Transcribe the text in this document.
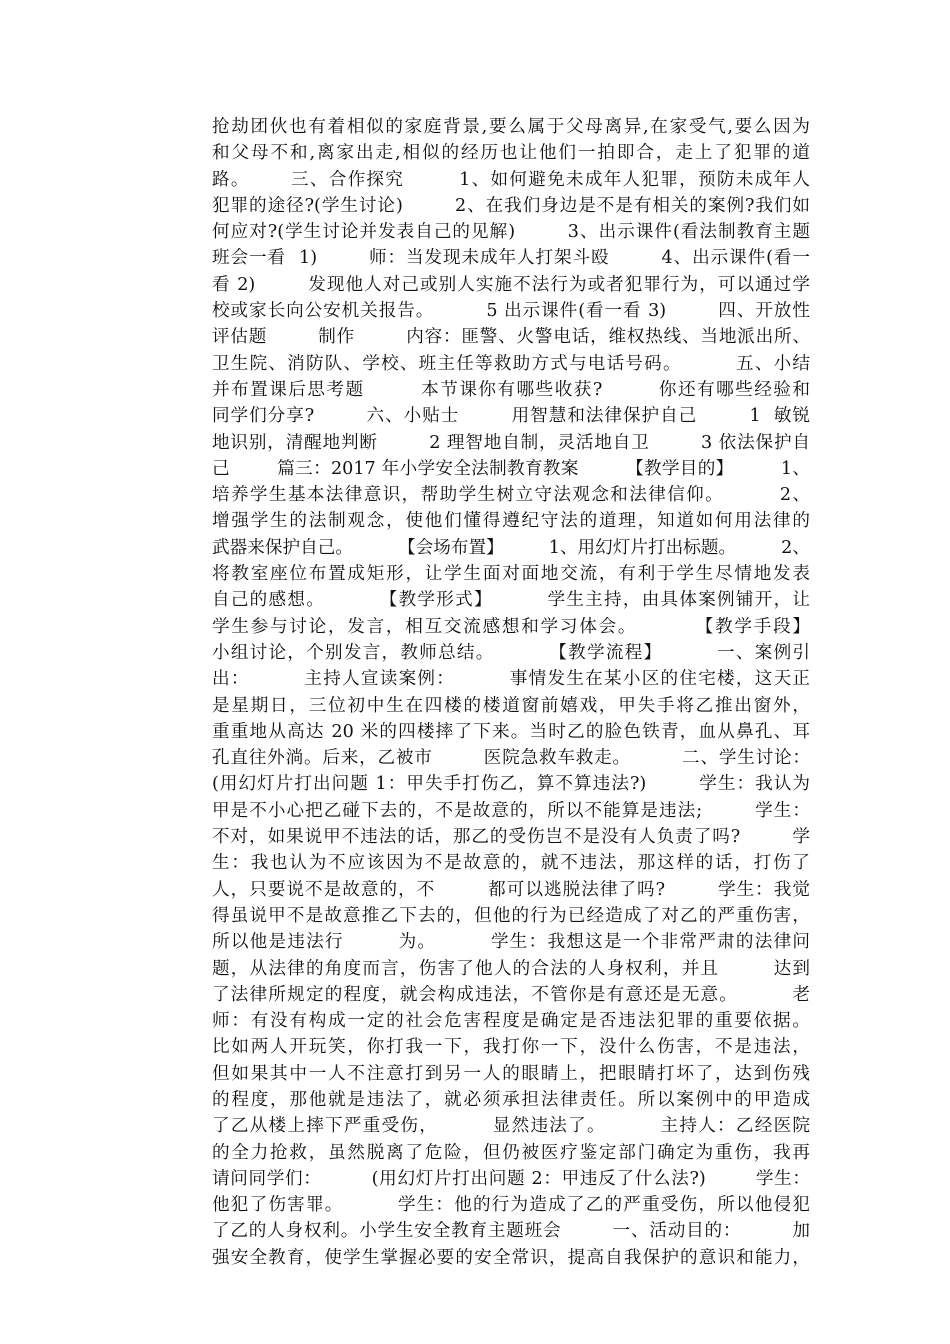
抢劫团伙也有着相似的家庭背景,要么属于父母离异,在家受气,要么因为
和父母不和,离家出走,相似的经历也让他们一拍即合，走上了犯罪的道
路。      三、合作探究        1、如何避免未成年人犯罪，预防未成年人
犯罪的途径?(学生讨论)        2、在我们身边是不是有相关的案例?我们如
何应对?(学生讨论并发表自己的见解)        3、出示课件(看法制教育主题
班会一看  1)        师：当发现未成年人打架斗殴        4、出示课件(看一
看 2)        发现他人对己或别人实施不法行为或者犯罪行为，可以通过学
校或家长向公安机关报告。        5 出示课件(看一看 3)        四、开放性
评估题        制作        内容：匪警、火警电话，维权热线、当地派出所、
卫生院、消防队、学校、班主任等救助方式与电话号码。        五、小结
并布置课后思考题        本节课你有哪些收获?        你还有哪些经验和
同学们分享?        六、小贴士        用智慧和法律保护自己        1  敏锐
地识别，清醒地判断        2 理智地自制，灵活地自卫        3 依法保护自
己        篇三：2017 年小学安全法制教育教案        【教学目的】        1、
培养学生基本法律意识，帮助学生树立守法观念和法律信仰。        2、
增强学生的法制观念，使他们懂得遵纪守法的道理，知道如何用法律的
武器来保护自己。        【会场布置】        1、用幻灯片打出标题。        2、
将教室座位布置成矩形，让学生面对面地交流，有利于学生尽情地发表
自己的感想。        【教学形式】        学生主持，由具体案例铺开，让
学生参与讨论，发言，相互交流感想和学习体会。        【教学手段】
小组讨论，个别发言，教师总结。        【教学流程】        一、案例引
出：        主持人宣读案例：        事情发生在某小区的住宅楼，这天正
是星期日，三位初中生在四楼的楼道窗前嬉戏，甲失手将乙推出窗外，
重重地从高达 20 米的四楼摔了下来。当时乙的脸色铁青，血从鼻孔、耳
孔直往外淌。后来，乙被市        医院急救车救走。        二、学生讨论：
(用幻灯片打出问题 1：甲失手打伤乙，算不算违法?)        学生：我认为
甲是不小心把乙碰下去的，不是故意的，所以不能算是违法;        学生：
不对，如果说甲不违法的话，那乙的受伤岂不是没有人负责了吗?        学
生：我也认为不应该因为不是故意的，就不违法，那这样的话，打伤了
人，只要说不是故意的，不        都可以逃脱法律了吗?        学生：我觉
得虽说甲不是故意推乙下去的，但他的行为已经造成了对乙的严重伤害，
所以他是违法行        为。        学生：我想这是一个非常严肃的法律问
题，从法律的角度而言，伤害了他人的合法的人身权利，并且        达到
了法律所规定的程度，就会构成违法，不管你是有意还是无意。        老
师：有没有构成一定的社会危害程度是确定是否违法犯罪的重要依据。
比如两人开玩笑，你打我一下，我打你一下，没什么伤害，不是违法，
但如果其中一人不注意打到另一人的眼睛上，把眼睛打坏了，达到伤残
的程度，那他就是违法了，就必须承担法律责任。所以案例中的甲造成
了乙从楼上摔下严重受伤，        显然违法了。        主持人：乙经医院
的全力抢救，虽然脱离了危险，但仍被医疗鉴定部门确定为重伤，我再
请问同学们：        (用幻灯片打出问题 2：甲违反了什么法?)        学生：
他犯了伤害罪。        学生：他的行为造成了乙的严重受伤，所以他侵犯
了乙的人身权利。小学生安全教育主题班会        一、活动目的：        加
强安全教育，使学生掌握必要的安全常识，提高自我保护的意识和能力，
